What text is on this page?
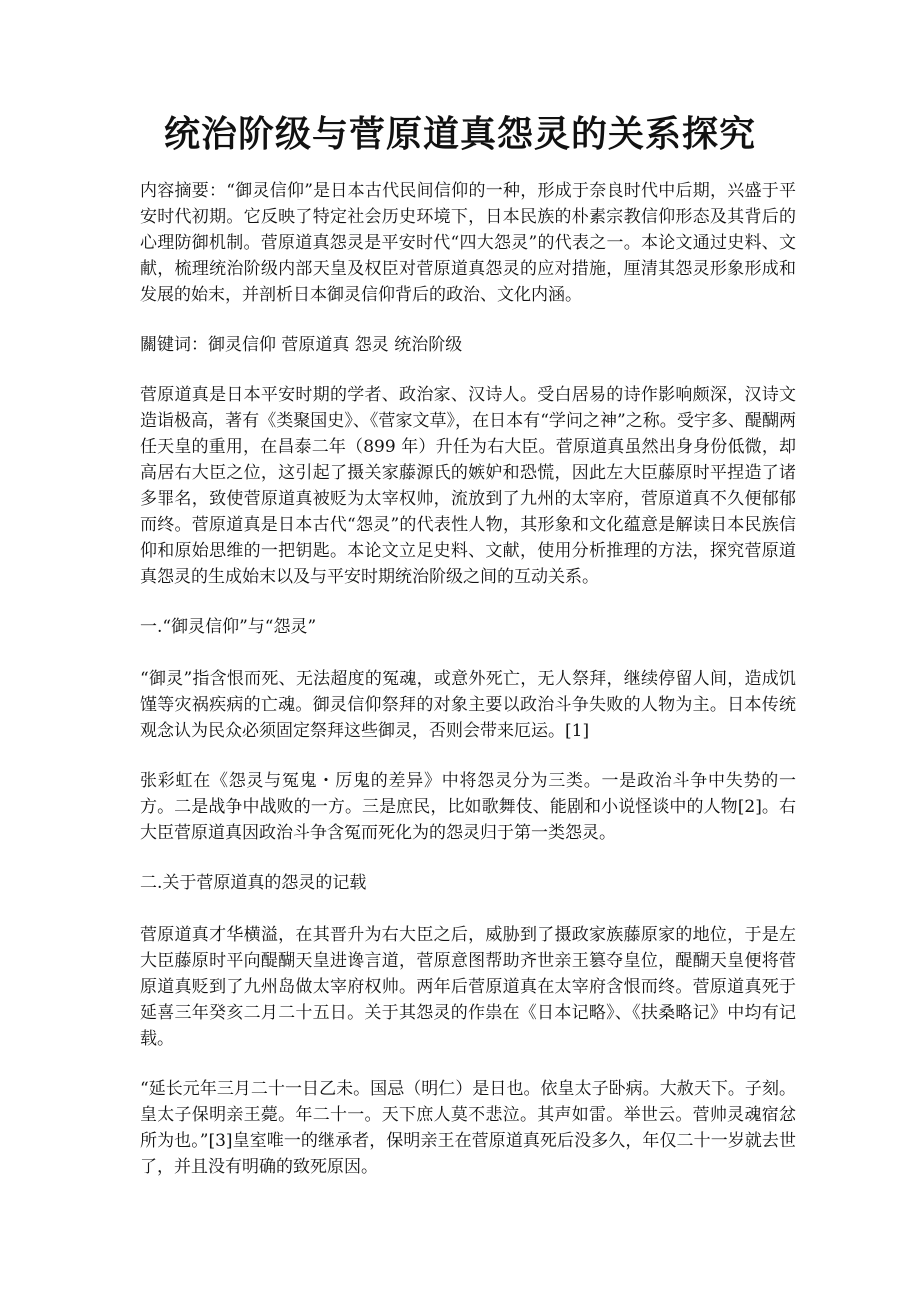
统治阶级与菅原道真怨灵的关系探究

内容摘要：“御灵信仰”是日本古代民间信仰的一种，形成于奈良时代中后期，兴盛于平安时代初期。它反映了特定社会历史环境下，日本民族的朴素宗教信仰形态及其背后的心理防御机制。菅原道真怨灵是平安时代“四大怨灵”的代表之一。本论文通过史料、文献，梳理统治阶级内部天皇及权臣对菅原道真怨灵的应对措施，厘清其怨灵形象形成和发展的始末，并剖析日本御灵信仰背后的政治、文化内涵。

關键词：御灵信仰 菅原道真 怨灵 统治阶级

菅原道真是日本平安时期的学者、政治家、汉诗人。受白居易的诗作影响颇深，汉诗文造诣极高，著有《类聚国史》、《菅家文草》，在日本有“学问之神”之称。受宇多、醍醐两任天皇的重用，在昌泰二年（899 年）升任为右大臣。菅原道真虽然出身身份低微，却高居右大臣之位，这引起了摄关家藤源氏的嫉妒和恐慌，因此左大臣藤原时平捏造了诸多罪名，致使菅原道真被贬为太宰权帅，流放到了九州的太宰府，菅原道真不久便郁郁而终。菅原道真是日本古代“怨灵”的代表性人物，其形象和文化蕴意是解读日本民族信仰和原始思维的一把钥匙。本论文立足史料、文献，使用分析推理的方法，探究菅原道真怨灵的生成始末以及与平安时期统治阶级之间的互动关系。

一.“御灵信仰”与“怨灵”

“御灵”指含恨而死、无法超度的冤魂，或意外死亡，无人祭拜，继续停留人间，造成饥馑等灾祸疾病的亡魂。御灵信仰祭拜的对象主要以政治斗争失败的人物为主。日本传统观念认为民众必须固定祭拜这些御灵，否则会带来厄运。[1]

张彩虹在《怨灵与冤鬼・厉鬼的差异》中将怨灵分为三类。一是政治斗争中失势的一方。二是战争中战败的一方。三是庶民，比如歌舞伎、能剧和小说怪谈中的人物[2]。右大臣菅原道真因政治斗争含冤而死化为的怨灵归于第一类怨灵。

二.关于菅原道真的怨灵的记载

菅原道真才华横溢，在其晋升为右大臣之后，威胁到了摄政家族藤原家的地位，于是左大臣藤原时平向醍醐天皇进谗言道，菅原意图帮助齐世亲王篡夺皇位，醍醐天皇便将菅原道真贬到了九州岛做太宰府权帅。两年后菅原道真在太宰府含恨而终。菅原道真死于延喜三年癸亥二月二十五日。关于其怨灵的作祟在《日本记略》、《扶桑略记》中均有记载。

“延长元年三月二十一日乙未。国忌（明仁）是日也。依皇太子卧病。大赦天下。子刻。皇太子保明亲王薨。年二十一。天下庶人莫不悲泣。其声如雷。举世云。菅帅灵魂宿忿所为也。”[3]皇室唯一的继承者，保明亲王在菅原道真死后没多久，年仅二十一岁就去世了，并且没有明确的致死原因。
